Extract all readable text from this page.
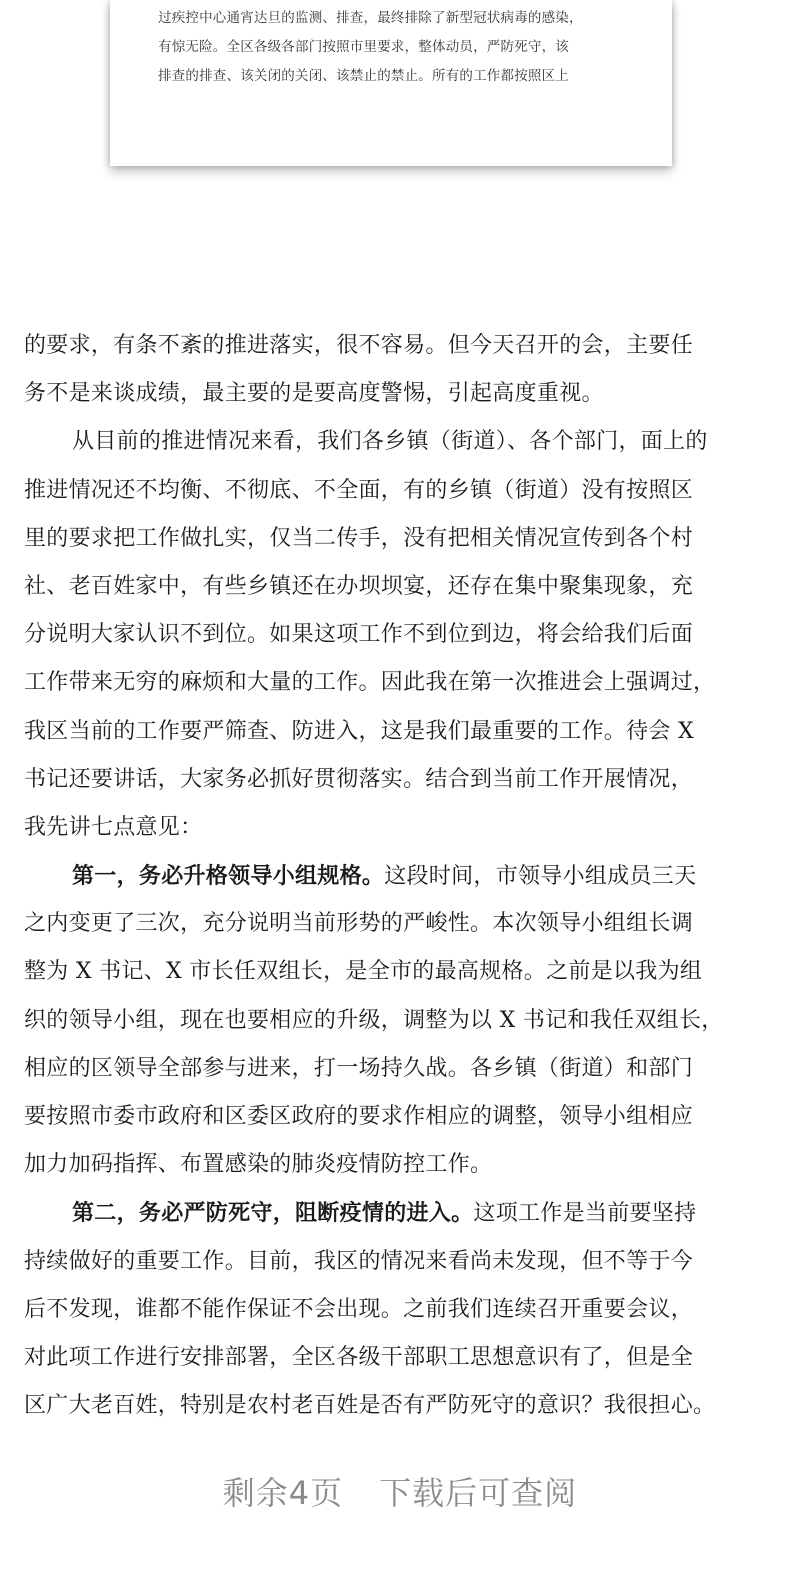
过疾控中心通宵达旦的监测、排查，最终排除了新型冠状病毒的感染，
有惊无险。全区各级各部门按照市里要求，整体动员，严防死守，该
排查的排查、该关闭的关闭、该禁止的禁止。所有的工作都按照区上
的要求，有条不紊的推进落实，很不容易。但今天召开的会，主要任
务不是来谈成绩，最主要的是要高度警惕，引起高度重视。
从目前的推进情况来看，我们各乡镇（街道）、各个部门，面上的
推进情况还不均衡、不彻底、不全面，有的乡镇（街道）没有按照区
里的要求把工作做扎实，仅当二传手，没有把相关情况宣传到各个村
社、老百姓家中，有些乡镇还在办坝坝宴，还存在集中聚集现象，充
分说明大家认识不到位。如果这项工作不到位到边，将会给我们后面
工作带来无穷的麻烦和大量的工作。因此我在第一次推进会上强调过，
我区当前的工作要严筛查、防进入，这是我们最重要的工作。待会 X
书记还要讲话，大家务必抓好贯彻落实。结合到当前工作开展情况，
我先讲七点意见：
第一，务必升格领导小组规格。这段时间，市领导小组成员三天
之内变更了三次，充分说明当前形势的严峻性。本次领导小组组长调
整为 X 书记、X 市长任双组长，是全市的最高规格。之前是以我为组
织的领导小组，现在也要相应的升级，调整为以 X 书记和我任双组长，
相应的区领导全部参与进来，打一场持久战。各乡镇（街道）和部门
要按照市委市政府和区委区政府的要求作相应的调整，领导小组相应
加力加码指挥、布置感染的肺炎疫情防控工作。
第二，务必严防死守，阻断疫情的进入。这项工作是当前要坚持
持续做好的重要工作。目前，我区的情况来看尚未发现，但不等于今
后不发现，谁都不能作保证不会出现。之前我们连续召开重要会议，
对此项工作进行安排部署，全区各级干部职工思想意识有了，但是全
区广大老百姓，特别是农村老百姓是否有严防死守的意识？我很担心。
剩余4页 下载后可查阅
